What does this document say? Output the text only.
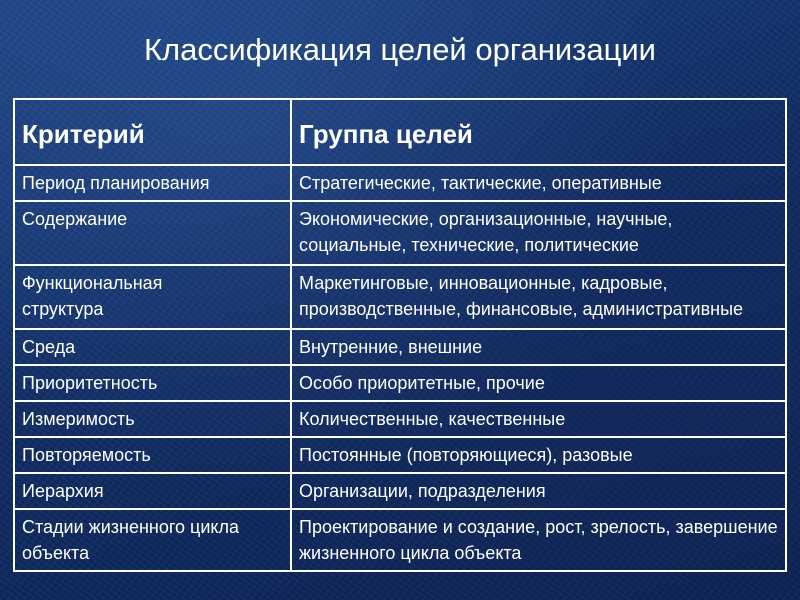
Классификация целей организации
Критерий	Группа целей
Период планирования	Стратегические, тактические, оперативные
Содержание	Экономические, организационные, научные, социальные, технические, политические
Функциональная структура	Маркетинговые, инновационные, кадровые, производственные, финансовые, административные
Среда	Внутренние, внешние
Приоритетность	Особо приоритетные, прочие
Измеримость	Количественные, качественные
Повторяемость	Постоянные (повторяющиеся), разовые
Иерархия	Организации, подразделения
Стадии жизненного цикла объекта	Проектирование и создание, рост, зрелость, завершение жизненного цикла объекта
